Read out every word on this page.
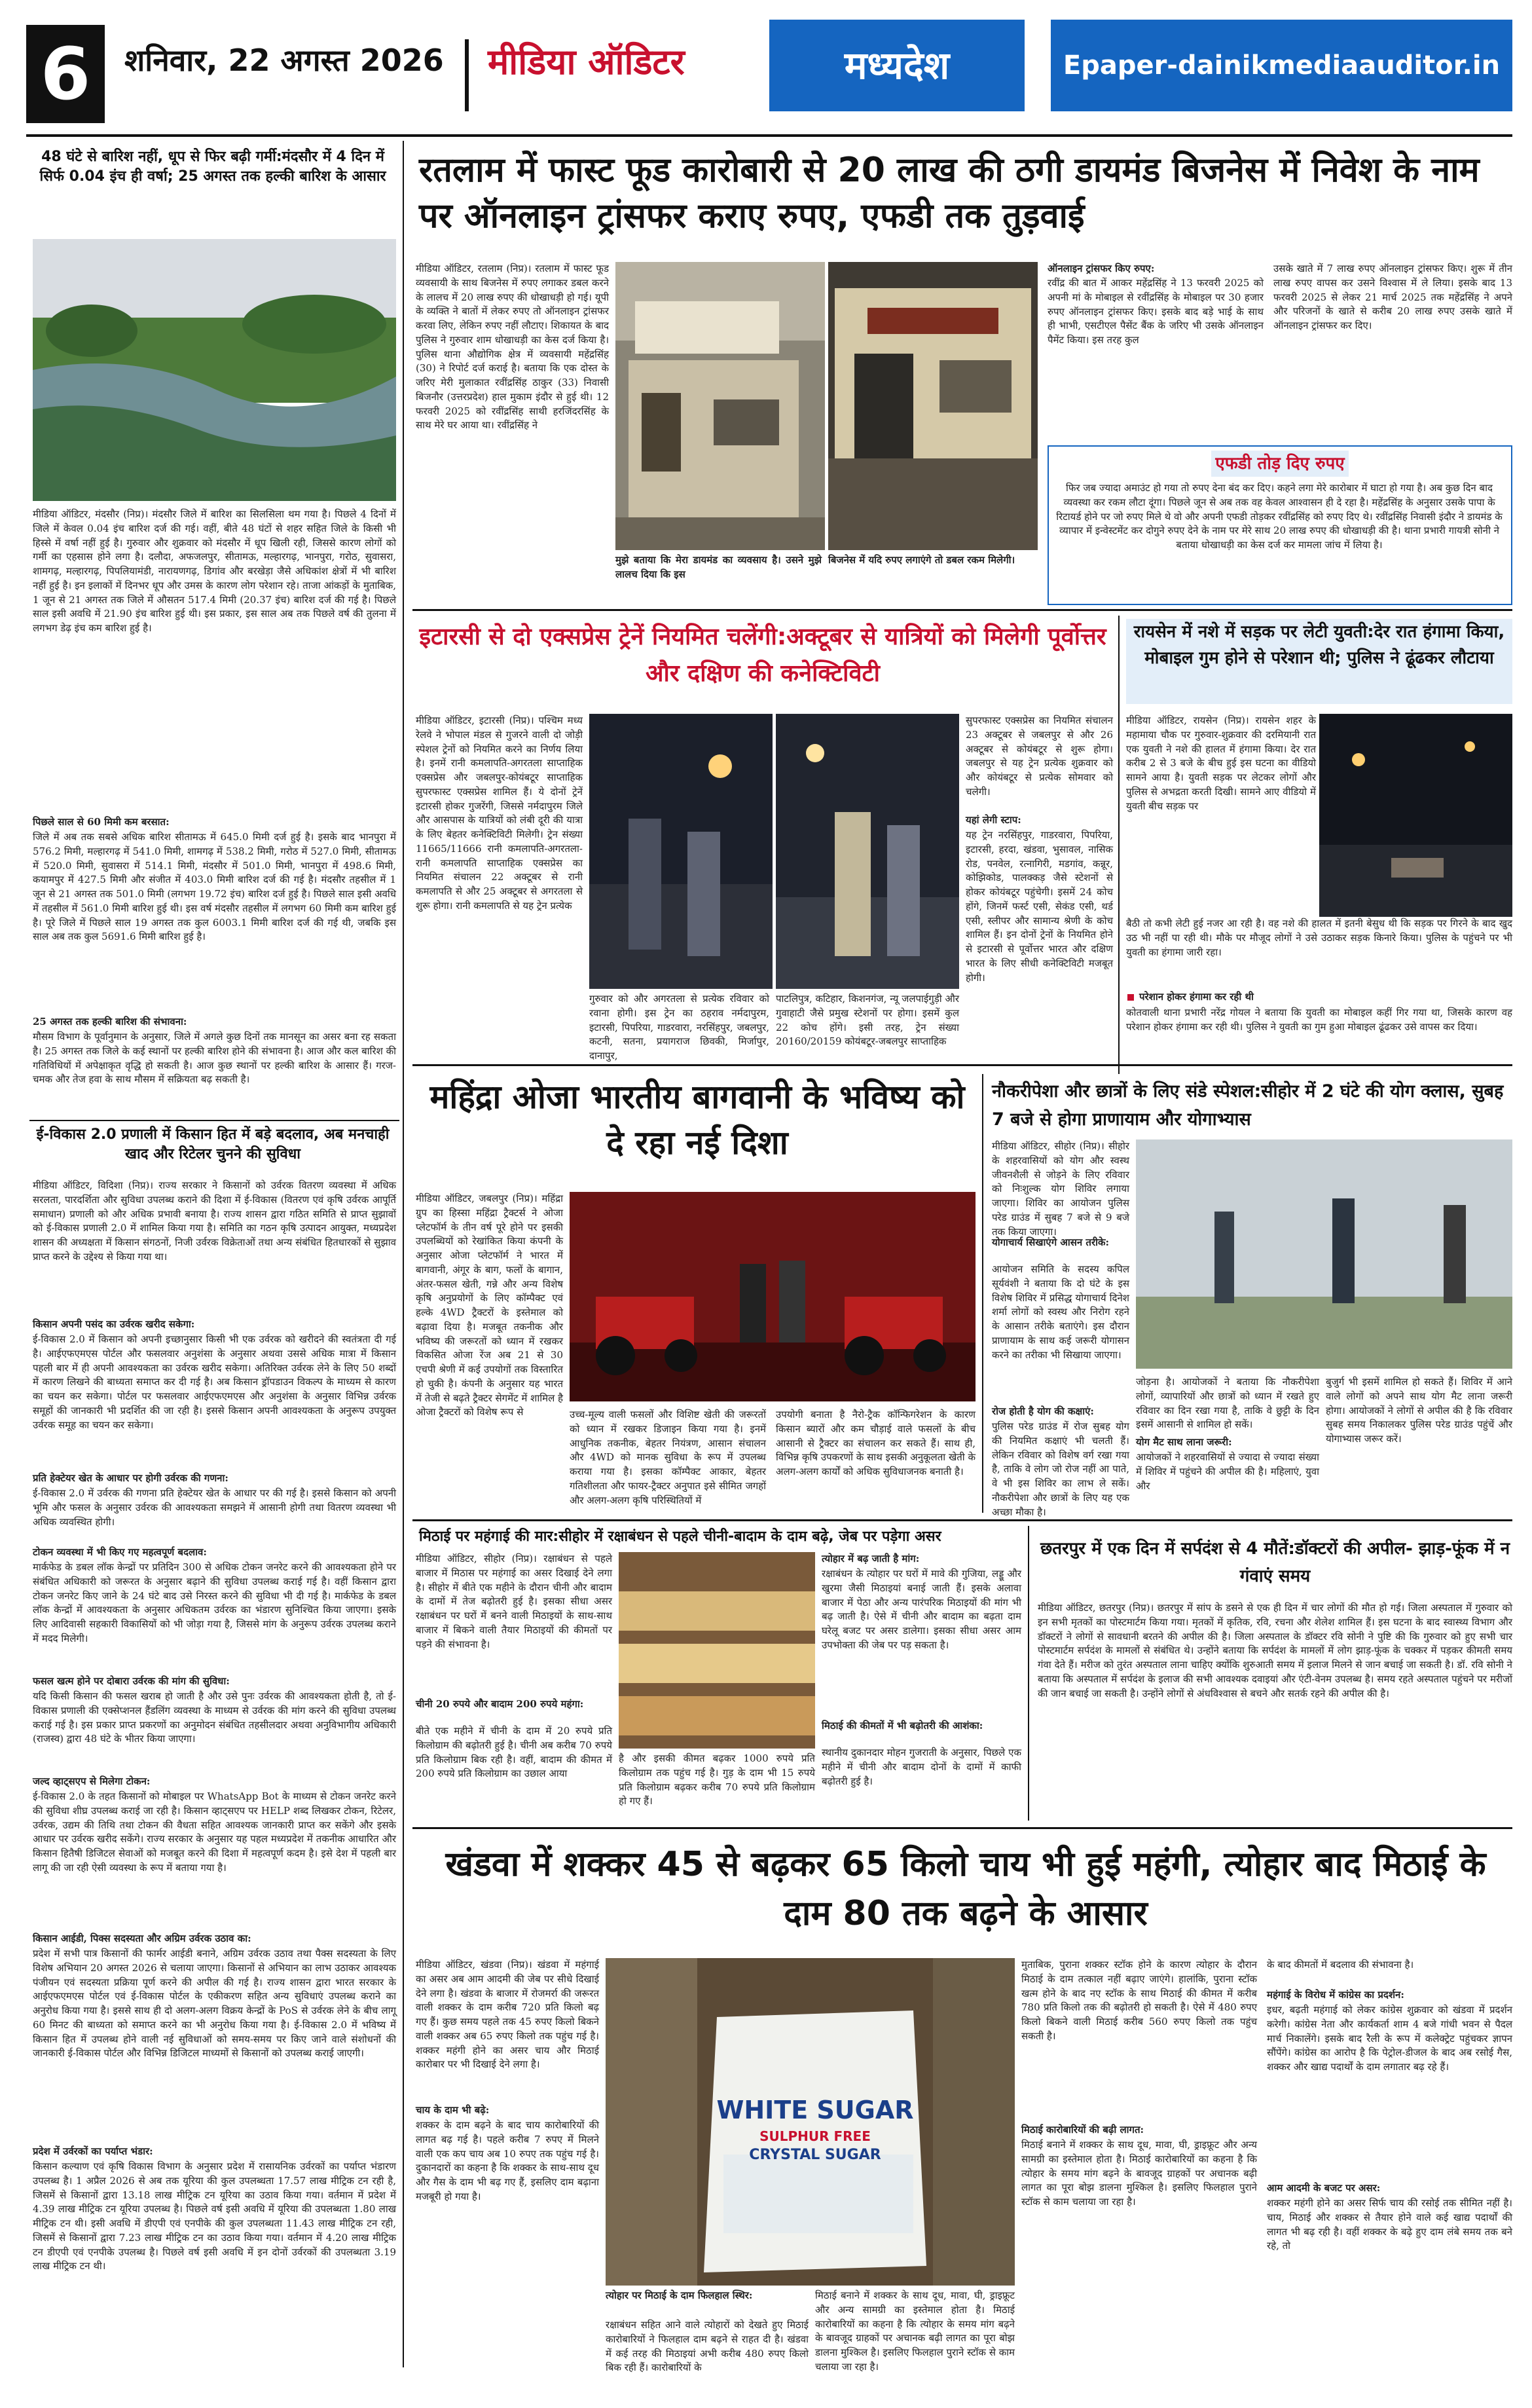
6	शनिवार, 22 अगस्त 2026 मीडिया ऑडिटर	मध्यदेश	Epaper-dainikmediaauditor.in
48 घंटे से बारिश नहीं, धूप से फिर बढ़ी गर्मी:मंदसौर में 4 दिन में सिर्फ 0.04 इंच ही वर्षा; 25 अगस्त तक हल्की बारिश के आसार
मीडिया ऑडिटर, मंदसौर (निप्र)। मंदसौर जिले में बारिश का सिलसिला थम गया है। पिछले 4 दिनों में जिले में केवल 0.04 इंच बारिश दर्ज की गई। वहीं, बीते 48 घंटों से शहर सहित जिले के किसी भी हिस्से में वर्षा नहीं हुई है। गुरुवार और शुक्रवार को मंदसौर में धूप खिली रही, जिससे कारण लोगों को गर्मी का एहसास होने लगा है। दलौदा, अफजलपुर, सीतामऊ, मल्हारगढ़, भानपुरा, गरोठ, सुवासरा, शामगढ़, मल्हारगढ़, पिपलियामंडी, नारायणगढ़, डिगांव और बरखेड़ा जैसे अधिकांश क्षेत्रों में भी बारिश नहीं हुई है। इन इलाकों में दिनभर धूप और उमस के कारण लोग परेशान रहे। ताजा आंकड़ों के मुताबिक, 1 जून से 21 अगस्त तक जिले में औसतन 517.4 मिमी (20.37 इंच) बारिश दर्ज की गई है। पिछले साल इसी अवधि में 21.90 इंच बारिश हुई थी। इस प्रकार, इस साल अब तक पिछले वर्ष की तुलना में लगभग डेढ़ इंच कम बारिश हुई है।
पिछले साल से 60 मिमी कम बरसात:
जिले में अब तक सबसे अधिक बारिश सीतामऊ में 645.0 मिमी दर्ज हुई है। इसके बाद भानपुरा में 576.2 मिमी, मल्हारगढ़ में 541.0 मिमी, शामगढ़ में 538.2 मिमी, गरोठ में 527.0 मिमी, सीतामऊ में 520.0 मिमी, सुवासरा में 514.1 मिमी, मंदसौर में 501.0 मिमी, भानपुरा में 498.6 मिमी, कयामपुर में 427.5 मिमी और संजीत में 403.0 मिमी बारिश दर्ज की गई है। मंदसौर तहसील में 1 जून से 21 अगस्त तक 501.0 मिमी (लगभग 19.72 इंच) बारिश दर्ज हुई है। पिछले साल इसी अवधि में तहसील में 561.0 मिमी बारिश हुई थी। इस वर्ष मंदसौर तहसील में लगभग 60 मिमी कम बारिश हुई है। पूरे जिले में पिछले साल 19 अगस्त तक कुल 6003.1 मिमी बारिश दर्ज की गई थी, जबकि इस साल अब तक कुल 5691.6 मिमी बारिश हुई है।
25 अगस्त तक हल्की बारिश की संभावना:
मौसम विभाग के पूर्वानुमान के अनुसार, जिले में अगले कुछ दिनों तक मानसून का असर बना रह सकता है। 25 अगस्त तक जिले के कई स्थानों पर हल्की बारिश होने की संभावना है। आज और कल बारिश की गतिविधियों में अपेक्षाकृत वृद्धि हो सकती है। आज कुछ स्थानों पर हल्की बारिश के आसार हैं। गरज-चमक और तेज हवा के साथ मौसम में सक्रियता बढ़ सकती है।
ई-विकास 2.0 प्रणाली में किसान हित में बड़े बदलाव, अब मनचाही खाद और रिटेलर चुनने की सुविधा
मीडिया ऑडिटर, विदिशा (निप्र)। राज्य सरकार ने किसानों को उर्वरक वितरण व्यवस्था में अधिक सरलता, पारदर्शिता और सुविधा उपलब्ध कराने की दिशा में ई-विकास (वितरण एवं कृषि उर्वरक आपूर्ति समाधान) प्रणाली को और अधिक प्रभावी बनाया है। राज्य शासन द्वारा गठित समिति से प्राप्त सुझावों को ई-विकास प्रणाली 2.0 में शामिल किया गया है। समिति का गठन कृषि उत्पादन आयुक्त, मध्यप्रदेश शासन की अध्यक्षता में किसान संगठनों, निजी उर्वरक विक्रेताओं तथा अन्य संबंधित हितधारकों से सुझाव प्राप्त करने के उद्देश्य से किया गया था।
किसान अपनी पसंद का उर्वरक खरीद सकेगा:
ई-विकास 2.0 में किसान को अपनी इच्छानुसार किसी भी एक उर्वरक को खरीदने की स्वतंत्रता दी गई है। आईएफएमएस पोर्टल और फसलवार अनुशंसा के अनुसार अथवा उससे अधिक मात्रा में किसान पहली बार में ही अपनी आवश्यकता का उर्वरक खरीद सकेगा। अतिरिक्त उर्वरक लेने के लिए 50 शब्दों में कारण लिखने की बाध्यता समाप्त कर दी गई है। अब किसान ड्रॉपडाउन विकल्प के माध्यम से कारण का चयन कर सकेगा। पोर्टल पर फसलवार आईएफएमएस और अनुशंसा के अनुसार विभिन्न उर्वरक समूहों की जानकारी भी प्रदर्शित की जा रही है। इससे किसान अपनी आवश्यकता के अनुरूप उपयुक्त उर्वरक समूह का चयन कर सकेगा।
प्रति हेक्टेयर खेत के आधार पर होगी उर्वरक की गणना:
ई-विकास 2.0 में उर्वरक की गणना प्रति हेक्टेयर खेत के आधार पर की गई है। इससे किसान को अपनी भूमि और फसल के अनुसार उर्वरक की आवश्यकता समझने में आसानी होगी तथा वितरण व्यवस्था भी अधिक व्यवस्थित होगी।
टोकन व्यवस्था में भी किए गए महत्वपूर्ण बदलाव:
मार्कफेड के डबल लॉक केन्द्रों पर प्रतिदिन 300 से अधिक टोकन जनरेट करने की आवश्यकता होने पर संबंधित अधिकारी को जरूरत के अनुसार बढ़ाने की सुविधा उपलब्ध कराई गई है। वहीं किसान द्वारा टोकन जनरेट किए जाने के 24 घंटे बाद उसे निरस्त करने की सुविधा भी दी गई है। मार्कफेड के डबल लॉक केन्द्रों में आवश्यकता के अनुसार अधिकतम उर्वरक का भंडारण सुनिश्चित किया जाएगा। इसके लिए आदिवासी सहकारी विकासियों को भी जोड़ा गया है, जिससे मांग के अनुरूप उर्वरक उपलब्ध कराने में मदद मिलेगी।
फसल खत्म होने पर दोबारा उर्वरक की मांग की सुविधा:
यदि किसी किसान की फसल खराब हो जाती है और उसे पुनः उर्वरक की आवश्यकता होती है, तो ई-विकास प्रणाली की एक्सेप्शनल हैंडलिंग व्यवस्था के माध्यम से उर्वरक की मांग करने की सुविधा उपलब्ध कराई गई है। इस प्रकार प्राप्त प्रकरणों का अनुमोदन संबंधित तहसीलदार अथवा अनुविभागीय अधिकारी (राजस्व) द्वारा 48 घंटे के भीतर किया जाएगा।
जल्द व्हाट्सएप से मिलेगा टोकन:
ई-विकास 2.0 के तहत किसानों को मोबाइल पर WhatsApp Bot के माध्यम से टोकन जनरेट करने की सुविधा शीघ्र उपलब्ध कराई जा रही है। किसान व्हाट्सएप पर HELP शब्द लिखकर टोकन, रिटेलर, उर्वरक, उद्यम की तिथि तथा टोकन की वैधता सहित आवश्यक जानकारी प्राप्त कर सकेंगे और इसके आधार पर उर्वरक खरीद सकेंगे। राज्य सरकार के अनुसार यह पहल मध्यप्रदेश में तकनीक आधारित और किसान हितैषी डिजिटल सेवाओं को मजबूत करने की दिशा में महत्वपूर्ण कदम है। इसे देश में पहली बार लागू की जा रही ऐसी व्यवस्था के रूप में बताया गया है।
किसान आईडी, पिक्स सदस्यता और अग्रिम उर्वरक उठाव का:
प्रदेश में सभी पात्र किसानों की फार्मर आईडी बनाने, अग्रिम उर्वरक उठाव तथा पैक्स सदस्यता के लिए विशेष अभियान 20 अगस्त 2026 से चलाया जाएगा। किसानों से अभियान का लाभ उठाकर आवश्यक पंजीयन एवं सदस्यता प्रक्रिया पूर्ण करने की अपील की गई है। राज्य शासन द्वारा भारत सरकार के आईएफएमएस पोर्टल एवं ई-विकास पोर्टल के एकीकरण सहित अन्य सुविधाएं उपलब्ध कराने का अनुरोध किया गया है। इससे साथ ही दो अलग-अलग विक्रय केन्द्रों के PoS से उर्वरक लेने के बीच लागू 60 मिनट की बाध्यता को समाप्त करने का भी अनुरोध किया गया है। ई-विकास 2.0 में भविष्य में किसान हित में उपलब्ध होने वाली नई सुविधाओं को समय-समय पर किए जाने वाले संशोधनों की जानकारी ई-विकास पोर्टल और विभिन्न डिजिटल माध्यमों से किसानों को उपलब्ध कराई जाएगी।
प्रदेश में उर्वरकों का पर्याप्त भंडार:
किसान कल्याण एवं कृषि विकास विभाग के अनुसार प्रदेश में रासायनिक उर्वरकों का पर्याप्त भंडारण उपलब्ध है। 1 अप्रैल 2026 से अब तक यूरिया की कुल उपलब्धता 17.57 लाख मीट्रिक टन रही है, जिसमें से किसानों द्वारा 13.18 लाख मीट्रिक टन यूरिया का उठाव किया गया। वर्तमान में प्रदेश में 4.39 लाख मीट्रिक टन यूरिया उपलब्ध है। पिछले वर्ष इसी अवधि में यूरिया की उपलब्धता 1.80 लाख मीट्रिक टन थी। इसी अवधि में डीएपी एवं एनपीके की कुल उपलब्धता 11.43 लाख मीट्रिक टन रही, जिसमें से किसानों द्वारा 7.23 लाख मीट्रिक टन का उठाव किया गया। वर्तमान में 4.20 लाख मीट्रिक टन डीएपी एवं एनपीके उपलब्ध है। पिछले वर्ष इसी अवधि में इन दोनों उर्वरकों की उपलब्धता 3.19 लाख मीट्रिक टन थी।
रतलाम में फास्ट फूड कारोबारी से 20 लाख की ठगी डायमंड बिजनेस में निवेश के नाम पर ऑनलाइन ट्रांसफर कराए रुपए, एफडी तक तुड़वाई
मीडिया ऑडिटर, रतलाम (निप्र)। रतलाम में फास्ट फूड व्यवसायी के साथ बिजनेस में रुपए लगाकर डबल करने के लालच में 20 लाख रुपए की धोखाधड़ी हो गई। यूपी के व्यक्ति ने बातों में लेकर रुपए तो ऑनलाइन ट्रांसफर करवा लिए, लेकिन रुपए नहीं लौटाए। शिकायत के बाद पुलिस ने गुरुवार शाम धोखाधड़ी का केस दर्ज किया है। पुलिस थाना औद्योगिक क्षेत्र में व्यवसायी महेंद्रसिंह (30) ने रिपोर्ट दर्ज कराई है। बताया कि एक दोस्त के जरिए मेरी मुलाकात रवींद्रसिंह ठाकुर (33) निवासी बिजनौर (उत्तरप्रदेश) हाल मुकाम इंदौर से हुई थी। 12 फरवरी 2025 को रवींद्रसिंह साथी हरजिंदरसिंह के साथ मेरे घर आया था। रवींद्रसिंह ने
मुझे बताया कि मेरा डायमंड का व्यवसाय है। उसने मुझे लालच दिया कि इस
बिजनेस में यदि रुपए लगाएंगे तो डबल रकम मिलेगी।
ऑनलाइन ट्रांसफर किए रुपए:
रवींद्र की बात में आकर महेंद्रसिंह ने 13 फरवरी 2025 को अपनी मां के मोबाइल से रवींद्रसिंह के मोबाइल पर 30 हजार रुपए ऑनलाइन ट्रांसफर किए। इसके बाद बड़े भाई के साथ ही भाभी, एसटीएल पैसेंट बैंक के जरिए भी उसके ऑनलाइन पैमेंट किया। इस तरह कुल
उसके खाते में 7 लाख रुपए ऑनलाइन ट्रांसफर किए। शुरू में तीन लाख रुपए वापस कर उसने विश्वास में ले लिया। इसके बाद 13 फरवरी 2025 से लेकर 21 मार्च 2025 तक महेंद्रसिंह ने अपने और परिजनों के खाते से करीब 20 लाख रुपए उसके खाते में ऑनलाइन ट्रांसफर कर दिए।
एफडी तोड़ दिए रुपए
फिर जब ज्यादा अमाउंट हो गया तो रुपए देना बंद कर दिए। कहने लगा मेरे कारोबार में घाटा हो गया है। अब कुछ दिन बाद व्यवस्था कर रकम लौटा दूंगा। पिछले जून से अब तक वह केवल आश्वासन ही दे रहा है। महेंद्रसिंह के अनुसार उसके पापा के रिटायर्ड होने पर जो रुपए मिले थे वो और अपनी एफडी तोड़कर रवींद्रसिंह को रुपए दिए थे। रवींद्रसिंह निवासी इंदौर ने डायमंड के व्यापार में इन्वेस्टमेंट कर दोगुने रुपए देने के नाम पर मेरे साथ 20 लाख रुपए की धोखाधड़ी की है। थाना प्रभारी गायत्री सोनी ने बताया धोखाधड़ी का केस दर्ज कर मामला जांच में लिया है।
इटारसी से दो एक्सप्रेस ट्रेनें नियमित चलेंगी:अक्टूबर से यात्रियों को मिलेगी पूर्वोत्तर और दक्षिण की कनेक्टिविटी
मीडिया ऑडिटर, इटारसी (निप्र)। पश्चिम मध्य रेलवे ने भोपाल मंडल से गुजरने वाली दो जोड़ी स्पेशल ट्रेनों को नियमित करने का निर्णय लिया है। इनमें रानी कमलापति-अगरतला साप्ताहिक एक्सप्रेस और जबलपुर-कोयंबटूर साप्ताहिक सुपरफास्ट एक्सप्रेस शामिल हैं। ये दोनों ट्रेनें इटारसी होकर गुजरेंगी, जिससे नर्मदापुरम जिले और आसपास के यात्रियों को लंबी दूरी की यात्रा के लिए बेहतर कनेक्टिविटी मिलेगी। ट्रेन संख्या 11665/11666 रानी कमलापति-अगरतला-रानी कमलापति साप्ताहिक एक्सप्रेस का नियमित संचालन 22 अक्टूबर से रानी कमलापति से और 25 अक्टूबर से अगरतला से शुरू होगा। रानी कमलापति से यह ट्रेन प्रत्येक
गुरुवार को और अगरतला से प्रत्येक रविवार को रवाना होगी। इस ट्रेन का ठहराव नर्मदापुरम, इटारसी, पिपरिया, गाडरवारा, नरसिंहपुर, जबलपुर, कटनी, सतना, प्रयागराज छिवकी, मिर्जापुर, दानापुर,
पाटलिपुत्र, कटिहार, किशनगंज, न्यू जलपाईगुड़ी और गुवाहाटी जैसे प्रमुख स्टेशनों पर होगा। इसमें कुल 22 कोच होंगे। इसी तरह, ट्रेन संख्या 20160/20159 कोयंबटूर-जबलपुर साप्ताहिक
सुपरफास्ट एक्सप्रेस का नियमित संचालन 23 अक्टूबर से जबलपुर से और 26 अक्टूबर से कोयंबटूर से शुरू होगा। जबलपुर से यह ट्रेन प्रत्येक शुक्रवार को और कोयंबटूर से प्रत्येक सोमवार को चलेगी।
यहां लेगी स्टाप:
यह ट्रेन नरसिंहपुर, गाडरवारा, पिपरिया, इटारसी, हरदा, खंडवा, भुसावल, नासिक रोड, पनवेल, रत्नागिरी, मडगांव, कन्नूर, कोझिकोड, पालक्कड़ जैसे स्टेशनों से होकर कोयंबटूर पहुंचेगी। इसमें 24 कोच होंगे, जिनमें फर्स्ट एसी, सेकंड एसी, थर्ड एसी, स्लीपर और सामान्य श्रेणी के कोच शामिल हैं। इन दोनों ट्रेनों के नियमित होने से इटारसी से पूर्वोत्तर भारत और दक्षिण भारत के लिए सीधी कनेक्टिविटी मजबूत होगी।
रायसेन में नशे में सड़क पर लेटी युवती:देर रात हंगामा किया, मोबाइल गुम होने से परेशान थी; पुलिस ने ढूंढकर लौटाया
मीडिया ऑडिटर, रायसेन (निप्र)। रायसेन शहर के महामाया चौक पर गुरुवार-शुक्रवार की दरमियानी रात एक युवती ने नशे की हालत में हंगामा किया। देर रात करीब 2 से 3 बजे के बीच हुई इस घटना का वीडियो सामने आया है। युवती सड़क पर लेटकर लोगों और पुलिस से अभद्रता करती दिखी। सामने आए वीडियो में युवती बीच सड़क पर
बैठी तो कभी लेटी हुई नजर आ रही है। वह नशे की हालत में इतनी बेसुध थी कि सड़क पर गिरने के बाद खुद उठ भी नहीं पा रही थी। मौके पर मौजूद लोगों ने उसे उठाकर सड़क किनारे किया। पुलिस के पहुंचने पर भी युवती का हंगामा जारी रहा।
परेशान होकर हंगामा कर रही थी
कोतवाली थाना प्रभारी नरेंद्र गोयल ने बताया कि युवती का मोबाइल कहीं गिर गया था, जिसके कारण वह परेशान होकर हंगामा कर रही थी। पुलिस ने युवती का गुम हुआ मोबाइल ढूंढकर उसे वापस कर दिया।
महिंद्रा ओजा भारतीय बागवानी के भविष्य को दे रहा नई दिशा
मीडिया ऑडिटर, जबलपुर (निप्र)। महिंद्रा ग्रुप का हिस्सा महिंद्रा ट्रैक्टर्स ने ओजा प्लेटफॉर्म के तीन वर्ष पूरे होने पर इसकी उपलब्धियों को रेखांकित किया कंपनी के अनुसार ओजा प्लेटफॉर्म ने भारत में बागवानी, अंगूर के बाग, फलों के बागान, अंतर-फसल खेती, गन्ने और अन्य विशेष कृषि अनुप्रयोगों के लिए कॉम्पैक्ट एवं हल्के 4WD ट्रैक्टरों के इस्तेमाल को बढ़ावा दिया है। मजबूत तकनीक और भविष्य की जरूरतों को ध्यान में रखकर विकसित ओजा रेंज अब 21 से 30 एचपी श्रेणी में कई उपयोगों तक विस्तारित हो चुकी है। कंपनी के अनुसार यह भारत में तेजी से बढ़ते ट्रैक्टर सेगमेंट में शामिल है ओजा ट्रैक्टरों को विशेष रूप से	उच्च-मूल्य वाली फसलों और विशिष्ट खेती की जरूरतों को ध्यान में रखकर डिजाइन किया गया है। इनमें आधुनिक तकनीक, बेहतर नियंत्रण, आसान संचालन और 4WD को मानक सुविधा के रूप में उपलब्ध कराया गया है। इसका कॉम्पैक्ट आकार, बेहतर गतिशीलता और फायर-ट्रैक्टर अनुपात इसे सीमित जगहों और अलग-अलग कृषि परिस्थितियों में
उपयोगी बनाता है नैरो-ट्रैक कॉन्फिगरेशन के कारण किसान ब्यारों और कम चौड़ाई वाले फसलों के बीच आसानी से ट्रैक्टर का संचालन कर सकते हैं। साथ ही, विभिन्न कृषि उपकरणों के साथ इसकी अनुकूलता खेती के अलग-अलग कार्यों को अधिक सुविधाजनक बनाती है।
नौकरीपेशा और छात्रों के लिए संडे स्पेशल:सीहोर में 2 घंटे की योग क्लास, सुबह 7 बजे से होगा प्राणायाम और योगाभ्यास
मीडिया ऑडिटर, सीहोर (निप्र)। सीहोर के शहरवासियों को योग और स्वस्थ जीवनशैली से जोड़ने के लिए रविवार को निःशुल्क योग शिविर लगाया जाएगा। शिविर का आयोजन पुलिस परेड ग्राउंड में सुबह 7 बजे से 9 बजे तक किया जाएगा।
योगाचार्य सिखाएंगे आसन तरीके:
आयोजन समिति के सदस्य कपिल सूर्यवंशी ने बताया कि दो घंटे के इस विशेष शिविर में प्रसिद्ध योगाचार्य दिनेश शर्मा लोगों को स्वस्थ और निरोग रहने के आसान तरीके बताएंगे। इस दौरान प्राणायाम के साथ कई जरूरी योगासन करने का तरीका भी सिखाया जाएगा।
रोज होती है योग की कक्षाएं:
पुलिस परेड ग्राउंड में रोज सुबह योग की नियमित कक्षाएं भी चलती हैं। लेकिन रविवार को विशेष वर्ग रखा गया है, ताकि वे लोग जो रोज नहीं आ पाते, वे भी इस शिविर का लाभ ले सकें। नौकरीपेशा और छात्रों के लिए यह एक अच्छा मौका है।
जोड़ना है। आयोजकों ने बताया कि नौकरीपेशा लोगों, व्यापारियों और छात्रों को ध्यान में रखते हुए रविवार का दिन रखा गया है, ताकि वे छुट्टी के दिन इसमें आसानी से शामिल हो सकें।
योग मैट साथ लाना जरूरी:
आयोजकों ने शहरवासियों से ज्यादा से ज्यादा संख्या में शिविर में पहुंचने की अपील की है। महिलाएं, युवा और
बुजुर्ग भी इसमें शामिल हो सकते हैं। शिविर में आने वाले लोगों को अपने साथ योग मैट लाना जरूरी होगा। आयोजकों ने लोगों से अपील की है कि रविवार सुबह समय निकालकर पुलिस परेड ग्राउंड पहुंचें और योगाभ्यास जरूर करें।
मिठाई पर महंगाई की मार:सीहोर में रक्षाबंधन से पहले चीनी-बादाम के दाम बढ़े, जेब पर पड़ेगा असर
मीडिया ऑडिटर, सीहोर (निप्र)। रक्षाबंधन से पहले बाजार में मिठास पर महंगाई का असर दिखाई देने लगा है। सीहोर में बीते एक महीने के दौरान चीनी और बादाम के दामों में तेज बढ़ोतरी हुई है। इसका सीधा असर रक्षाबंधन पर घरों में बनने वाली मिठाइयों के साथ-साथ बाजार में बिकने वाली तैयार मिठाइयों की कीमतों पर पड़ने की संभावना है।
चीनी 20 रुपये और बादाम 200 रुपये महंगा:
बीते एक महीने में चीनी के दाम में 20 रुपये प्रति किलोग्राम की बढ़ोतरी हुई है। चीनी अब करीब 70 रुपये प्रति किलोग्राम बिक रही है। वहीं, बादाम की कीमत में 200 रुपये प्रति किलोग्राम का उछाल आया
है और इसकी कीमत बढ़कर 1000 रुपये प्रति किलोग्राम तक पहुंच गई है। गुड़ के दाम भी 15 रुपये प्रति किलोग्राम बढ़कर करीब 70 रुपये प्रति किलोग्राम हो गए हैं।
त्योहार में बढ़ जाती है मांग:
रक्षाबंधन के त्योहार पर घरों में मावे की गुजिया, लड्डू और खुरमा जैसी मिठाइयां बनाई जाती हैं। इसके अलावा बाजार में पेठा और अन्य पारंपरिक मिठाइयों की मांग भी बढ़ जाती है। ऐसे में चीनी और बादाम का बढ़ता दाम घरेलू बजट पर असर डालेगा। इसका सीधा असर आम उपभोक्ता की जेब पर पड़ सकता है।
मिठाई की कीमतों में भी बढ़ोतरी की आशंका:
स्थानीय दुकानदार मोहन गुजराती के अनुसार, पिछले एक महीने में चीनी और बादाम दोनों के दामों में काफी बढ़ोतरी हुई है।
छतरपुर में एक दिन में सर्पदंश से 4 मौतें:डॉक्टरों की अपील- झाड़-फूंक में न गंवाएं समय
मीडिया ऑडिटर, छतरपुर (निप्र)। छतरपुर में सांप के डसने से एक ही दिन में चार लोगों की मौत हो गई। जिला अस्पताल में गुरुवार को इन सभी मृतकों का पोस्टमार्टम किया गया। मृतकों में कृतिक, रवि, रचना और शेलेश शामिल हैं। इस घटना के बाद स्वास्थ्य विभाग और डॉक्टरों ने लोगों से सावधानी बरतने की अपील की है। जिला अस्पताल के डॉक्टर रवि सोनी ने पुष्टि की कि गुरुवार को हुए सभी चार पोस्टमार्टम सर्पदंश के मामलों से संबंधित थे। उन्होंने बताया कि सर्पदंश के मामलों में लोग झाड़-फूंक के चक्कर में पड़कर कीमती समय गंवा देते हैं। मरीज को तुरंत अस्पताल लाना चाहिए क्योंकि शुरुआती समय में इलाज मिलने से जान बचाई जा सकती है। डॉ. रवि सोनी ने बताया कि अस्पताल में सर्पदंश के इलाज की सभी आवश्यक दवाइयां और एंटी-वेनम उपलब्ध है। समय रहते अस्पताल पहुंचने पर मरीजों की जान बचाई जा सकती है। उन्होंने लोगों से अंधविश्वास से बचने और सतर्क रहने की अपील की है।
खंडवा में शक्कर 45 से बढ़कर 65 किलो चाय भी हुई महंगी, त्योहार बाद मिठाई के दाम 80 तक बढ़ने के आसार
मीडिया ऑडिटर, खंडवा (निप्र)। खंडवा में महंगाई का असर अब आम आदमी की जेब पर सीधे दिखाई देने लगा है। खंडवा के बाजार में रोजमर्रा की जरूरत वाली शक्कर के दाम करीब 720 प्रति किलो बढ़ गए हैं। कुछ समय पहले तक 45 रुपए किलो बिकने वाली शक्कर अब 65 रुपए किलो तक पहुंच गई है। शक्कर महंगी होने का असर चाय और मिठाई कारोबार पर भी दिखाई देने लगा है।
चाय के दाम भी बढ़े:
शक्कर के दाम बढ़ने के बाद चाय कारोबारियों की लागत बढ़ गई है। पहले करीब 7 रुपए में मिलने वाली एक कप चाय अब 10 रुपए तक पहुंच गई है। दुकानदारों का कहना है कि शक्कर के साथ-साथ दूध और गैस के दाम भी बढ़ गए हैं, इसलिए दाम बढ़ाना मजबूरी हो गया है।
WHITE SUGAR
SULPHUR FREE
CRYSTAL SUGAR
त्योहार पर मिठाई के दाम फिलहाल स्थिर:
रक्षाबंधन सहित आने वाले त्योहारों को देखते हुए मिठाई कारोबारियों ने फिलहाल दाम बढ़ने से राहत दी है। खंडवा में कई तरह की मिठाइयां अभी करीब 480 रुपए किलो बिक रही हैं। कारोबारियों के
मिठाई बनाने में शक्कर के साथ दूध, मावा, घी, ड्राइफ्रूट और अन्य सामग्री का इस्तेमाल होता है। मिठाई कारोबारियों का कहना है कि त्योहार के समय मांग बढ़ने के बावजूद ग्राहकों पर अचानक बढ़ी लागत का पूरा बोझ डालना मुश्किल है। इसलिए फिलहाल पुराने स्टॉक से काम चलाया जा रहा है।
मुताबिक, पुराना शक्कर स्टॉक होने के कारण त्योहार के दौरान मिठाई के दाम तत्काल नहीं बढ़ाए जाएंगे। हालांकि, पुराना स्टॉक खत्म होने के बाद नए स्टॉक के साथ मिठाई की कीमत में करीब 780 प्रति किलो तक की बढ़ोतरी हो सकती है। ऐसे में 480 रुपए किलो बिकने वाली मिठाई करीब 560 रुपए किलो तक पहुंच सकती है।
मिठाई कारोबारियों की बढ़ी लागत:
मिठाई बनाने में शक्कर के साथ दूध, मावा, घी, ड्राइफ्रूट और अन्य सामग्री का इस्तेमाल होता है। मिठाई कारोबारियों का कहना है कि त्योहार के समय मांग बढ़ने के बावजूद ग्राहकों पर अचानक बढ़ी लागत का पूरा बोझ डालना मुश्किल है। इसलिए फिलहाल पुराने स्टॉक से काम चलाया जा रहा है।
के बाद कीमतों में बदलाव की संभावना है।
महंगाई के विरोध में कांग्रेस का प्रदर्शन:
इधर, बढ़ती महंगाई को लेकर कांग्रेस शुक्रवार को खंडवा में प्रदर्शन करेगी। कांग्रेस नेता और कार्यकर्ता शाम 4 बजे गांधी भवन से पैदल मार्च निकालेंगे। इसके बाद रैली के रूप में कलेक्ट्रेट पहुंचकर ज्ञापन सौंपेंगे। कांग्रेस का आरोप है कि पेट्रोल-डीजल के बाद अब रसोई गैस, शक्कर और खाद्य पदार्थों के दाम लगातार बढ़ रहे हैं।
आम आदमी के बजट पर असर:
शक्कर महंगी होने का असर सिर्फ चाय की रसोई तक सीमित नहीं है। चाय, मिठाई और शक्कर से तैयार होने वाले कई खाद्य पदार्थों की लागत भी बढ़ रही है। वहीं शक्कर के बढ़े हुए दाम लंबे समय तक बने रहे, तो
